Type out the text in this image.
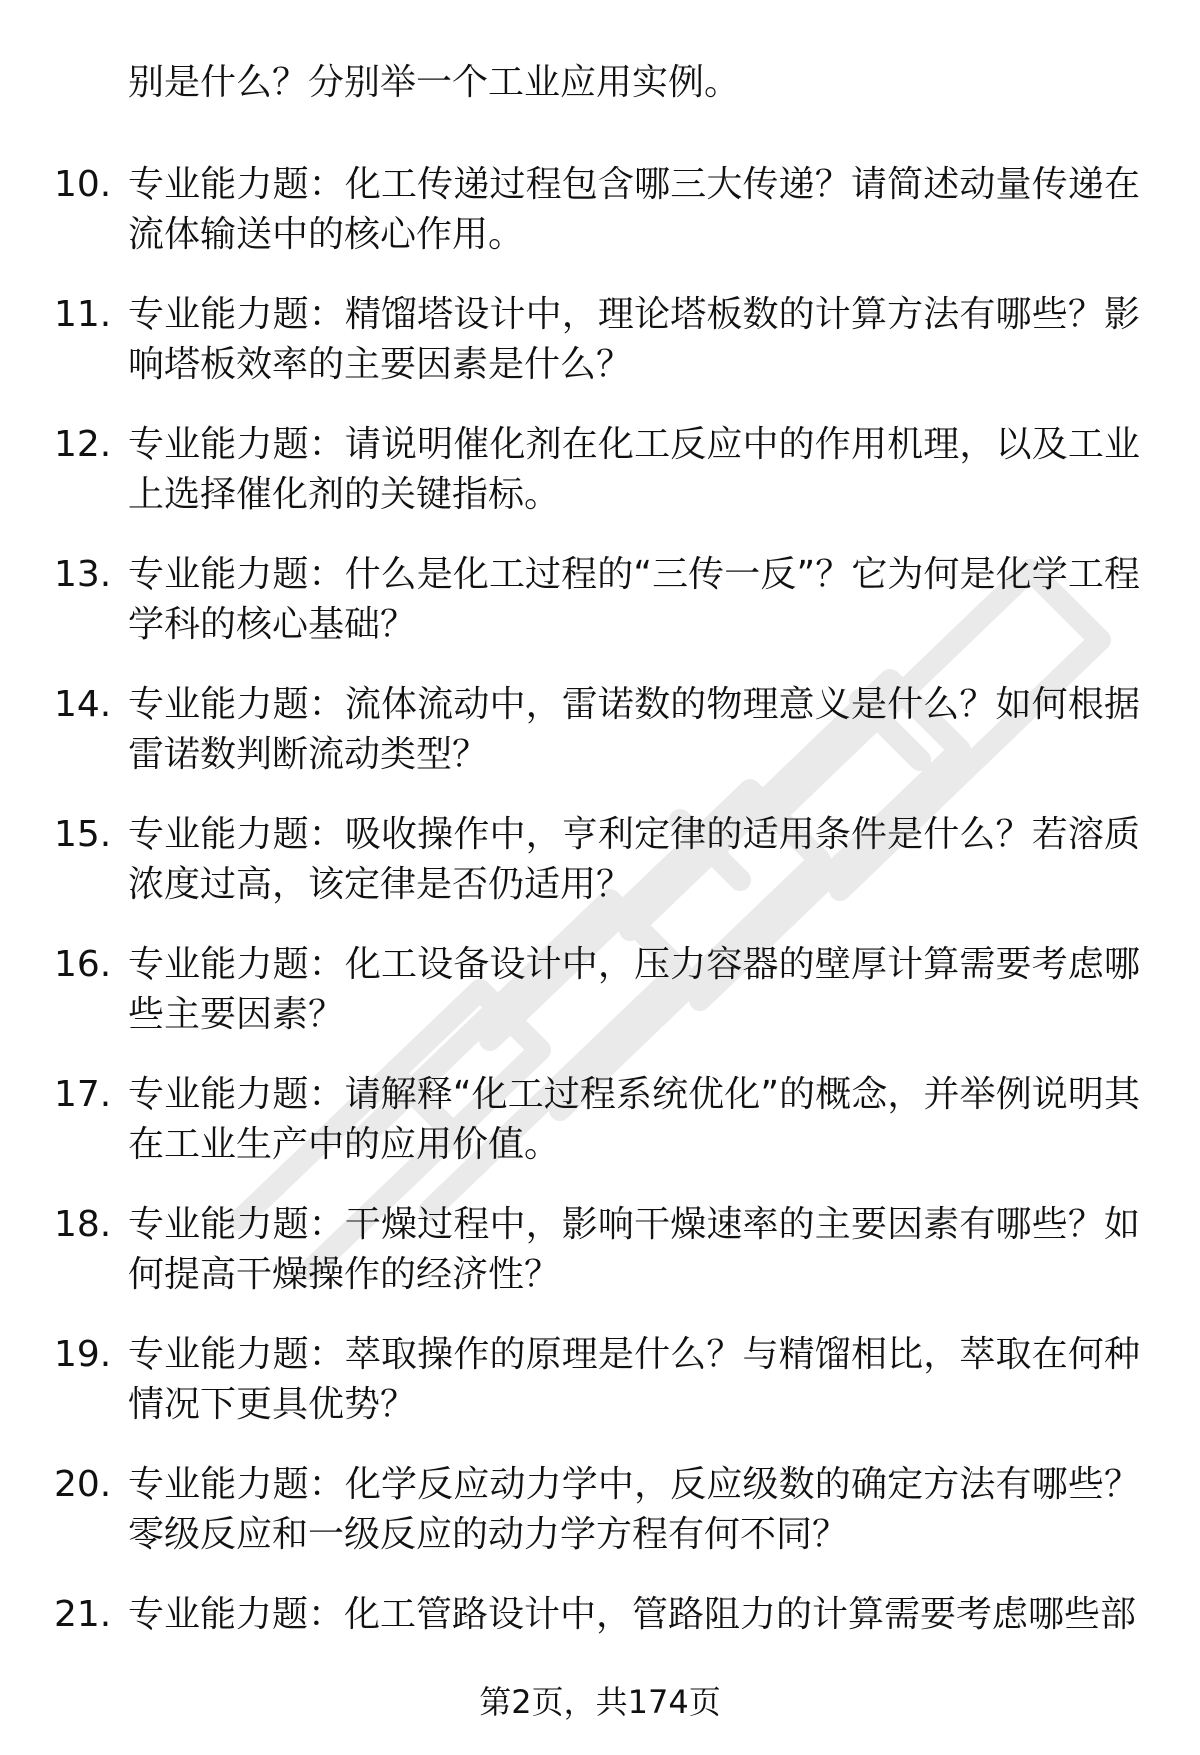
别是什么？分别举一个工业应用实例。
10. 专业能力题：化工传递过程包含哪三大传递？请简述动量传递在流体输送中的核心作用。
11. 专业能力题：精馏塔设计中，理论塔板数的计算方法有哪些？影响塔板效率的主要因素是什么？
12. 专业能力题：请说明催化剂在化工反应中的作用机理，以及工业上选择催化剂的关键指标。
13. 专业能力题：什么是化工过程的“三传一反”？它为何是化学工程学科的核心基础？
14. 专业能力题：流体流动中，雷诺数的物理意义是什么？如何根据雷诺数判断流动类型？
15. 专业能力题：吸收操作中，亨利定律的适用条件是什么？若溶质浓度过高，该定律是否仍适用？
16. 专业能力题：化工设备设计中，压力容器的壁厚计算需要考虑哪些主要因素？
17. 专业能力题：请解释“化工过程系统优化”的概念，并举例说明其在工业生产中的应用价值。
18. 专业能力题：干燥过程中，影响干燥速率的主要因素有哪些？如何提高干燥操作的经济性？
19. 专业能力题：萃取操作的原理是什么？与精馏相比，萃取在何种情况下更具优势？
20. 专业能力题：化学反应动力学中，反应级数的确定方法有哪些？零级反应和一级反应的动力学方程有何不同？
21. 专业能力题：化工管路设计中，管路阻力的计算需要考虑哪些部
第2页，共174页
